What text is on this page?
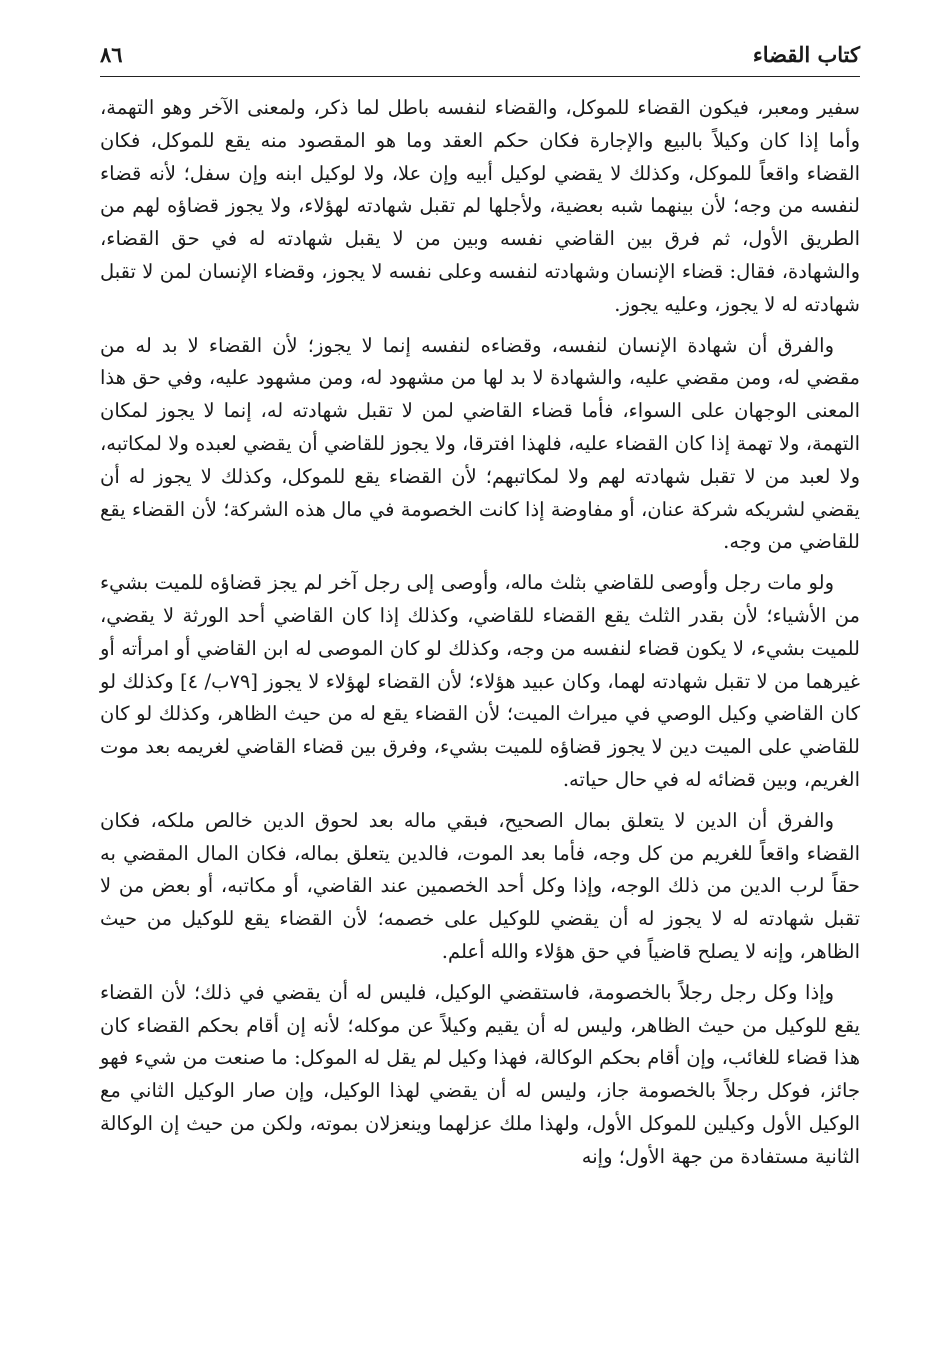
كتاب القضاء
٨٦

سفير ومعبر، فيكون القضاء للموكل، والقضاء لنفسه باطل لما ذكر، ولمعنى الآخر وهو التهمة، وأما إذا كان وكيلاً بالبيع والإجارة فكان حكم العقد وما هو المقصود منه يقع للموكل، فكان القضاء واقعاً للموكل، وكذلك لا يقضي لوكيل أبيه وإن علا، ولا لوكيل ابنه وإن سفل؛ لأنه قضاء لنفسه من وجه؛ لأن بينهما شبه بعضية، ولأجلها لم تقبل شهادته لهؤلاء، ولا يجوز قضاؤه لهم من الطريق الأول، ثم فرق بين القاضي نفسه وبين من لا يقبل شهادته له في حق القضاء، والشهادة، فقال: قضاء الإنسان وشهادته لنفسه وعلى نفسه لا يجوز، وقضاء الإنسان لمن لا تقبل شهادته له لا يجوز، وعليه يجوز.

والفرق أن شهادة الإنسان لنفسه، وقضاءه لنفسه إنما لا يجوز؛ لأن القضاء لا بد له من مقضي له، ومن مقضي عليه، والشهادة لا بد لها من مشهود له، ومن مشهود عليه، وفي حق هذا المعنى الوجهان على السواء، فأما قضاء القاضي لمن لا تقبل شهادته له، إنما لا يجوز لمكان التهمة، ولا تهمة إذا كان القضاء عليه، فلهذا افترقا، ولا يجوز للقاضي أن يقضي لعبده ولا لمكاتبه، ولا لعبد من لا تقبل شهادته لهم ولا لمكاتبهم؛ لأن القضاء يقع للموكل، وكذلك لا يجوز له أن يقضي لشريكه شركة عنان، أو مفاوضة إذا كانت الخصومة في مال هذه الشركة؛ لأن القضاء يقع للقاضي من وجه.

ولو مات رجل وأوصى للقاضي بثلث ماله، وأوصى إلى رجل آخر لم يجز قضاؤه للميت بشيء من الأشياء؛ لأن بقدر الثلث يقع القضاء للقاضي، وكذلك إذا كان القاضي أحد الورثة لا يقضي، للميت بشيء، لا يكون قضاء لنفسه من وجه، وكذلك لو كان الموصى له ابن القاضي أو امرأته أو غيرهما من لا تقبل شهادته لهما، وكان عبيد هؤلاء؛ لأن القضاء لهؤلاء لا يجوز [٧٩ب/ ٤] وكذلك لو كان القاضي وكيل الوصي في ميراث الميت؛ لأن القضاء يقع له من حيث الظاهر، وكذلك لو كان للقاضي على الميت دين لا يجوز قضاؤه للميت بشيء، وفرق بين قضاء القاضي لغريمه بعد موت الغريم، وبين قضائه له في حال حياته.

والفرق أن الدين لا يتعلق بمال الصحيح، فبقي ماله بعد لحوق الدين خالص ملكه، فكان القضاء واقعاً للغريم من كل وجه، فأما بعد الموت، فالدين يتعلق بماله، فكان المال المقضي به حقاً لرب الدين من ذلك الوجه، وإذا وكل أحد الخصمين عند القاضي، أو مكاتبه، أو بعض من لا تقبل شهادته له لا يجوز له أن يقضي للوكيل على خصمه؛ لأن القضاء يقع للوكيل من حيث الظاهر، وإنه لا يصلح قاضياً في حق هؤلاء والله أعلم.

وإذا وكل رجل رجلاً بالخصومة، فاستقضي الوكيل، فليس له أن يقضي في ذلك؛ لأن القضاء يقع للوكيل من حيث الظاهر، وليس له أن يقيم وكيلاً عن موكله؛ لأنه إن أقام بحكم القضاء كان هذا قضاء للغائب، وإن أقام بحكم الوكالة، فهذا وكيل لم يقل له الموكل: ما صنعت من شيء فهو جائز، فوكل رجلاً بالخصومة جاز، وليس له أن يقضي لهذا الوكيل، وإن صار الوكيل الثاني مع الوكيل الأول وكيلين للموكل الأول، ولهذا ملك عزلهما وينعزلان بموته، ولكن من حيث إن الوكالة الثانية مستفادة من جهة الأول؛ وإنه
